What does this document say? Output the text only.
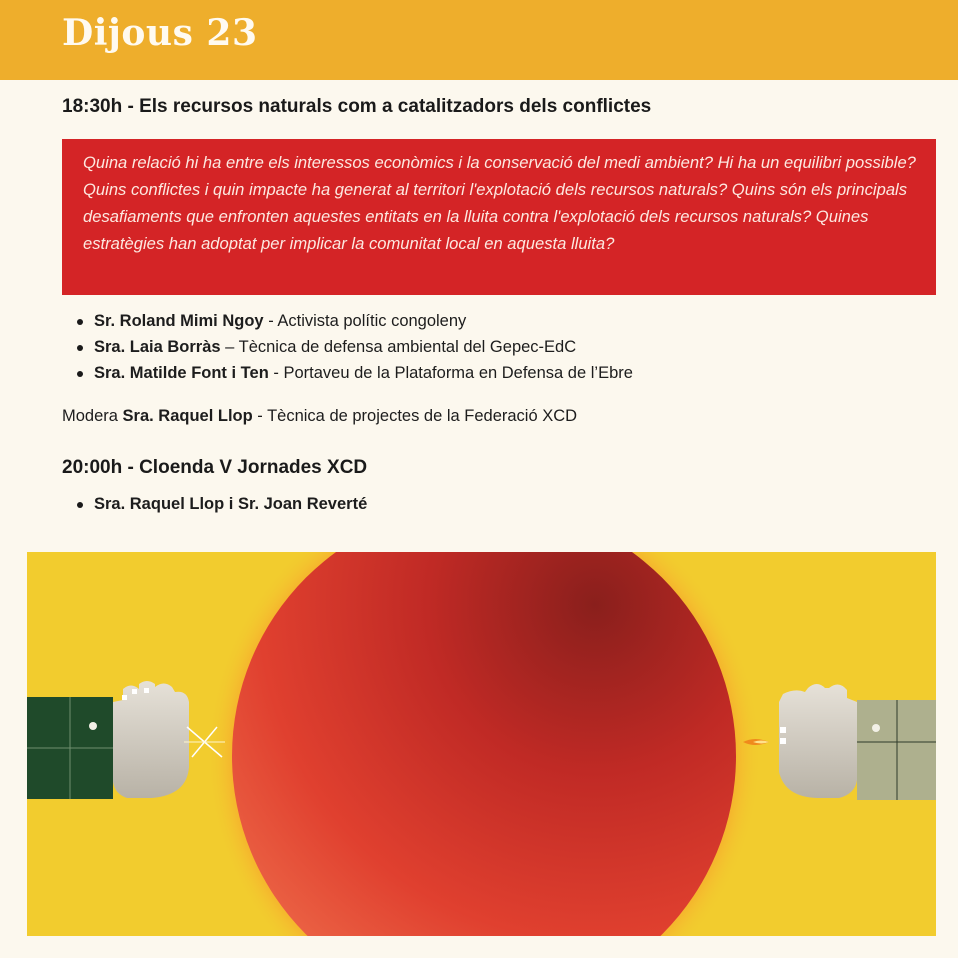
Dijous 23
18:30h - Els recursos naturals com a catalitzadors dels conflictes
Quina relació hi ha entre els interessos econòmics i la conservació del medi ambient? Hi ha un equilibri possible? Quins conflictes i quin impacte ha generat al territori l'explotació dels recursos naturals? Quins són els principals desafiaments que enfronten aquestes entitats en la lluita contra l'explotació dels recursos naturals? Quines estratègies han adoptat per implicar la comunitat local en aquesta lluita?
Sr. Roland Mimi Ngoy - Activista polític congoleny
Sra. Laia Borràs – Tècnica de defensa ambiental del Gepec-EdC
Sra. Matilde Font i Ten - Portaveu de la Plataforma en Defensa de l’Ebre
Modera Sra. Raquel Llop - Tècnica de projectes de la Federació XCD
20:00h - Cloenda V Jornades XCD
Sra. Raquel Llop i Sr. Joan Reverté
